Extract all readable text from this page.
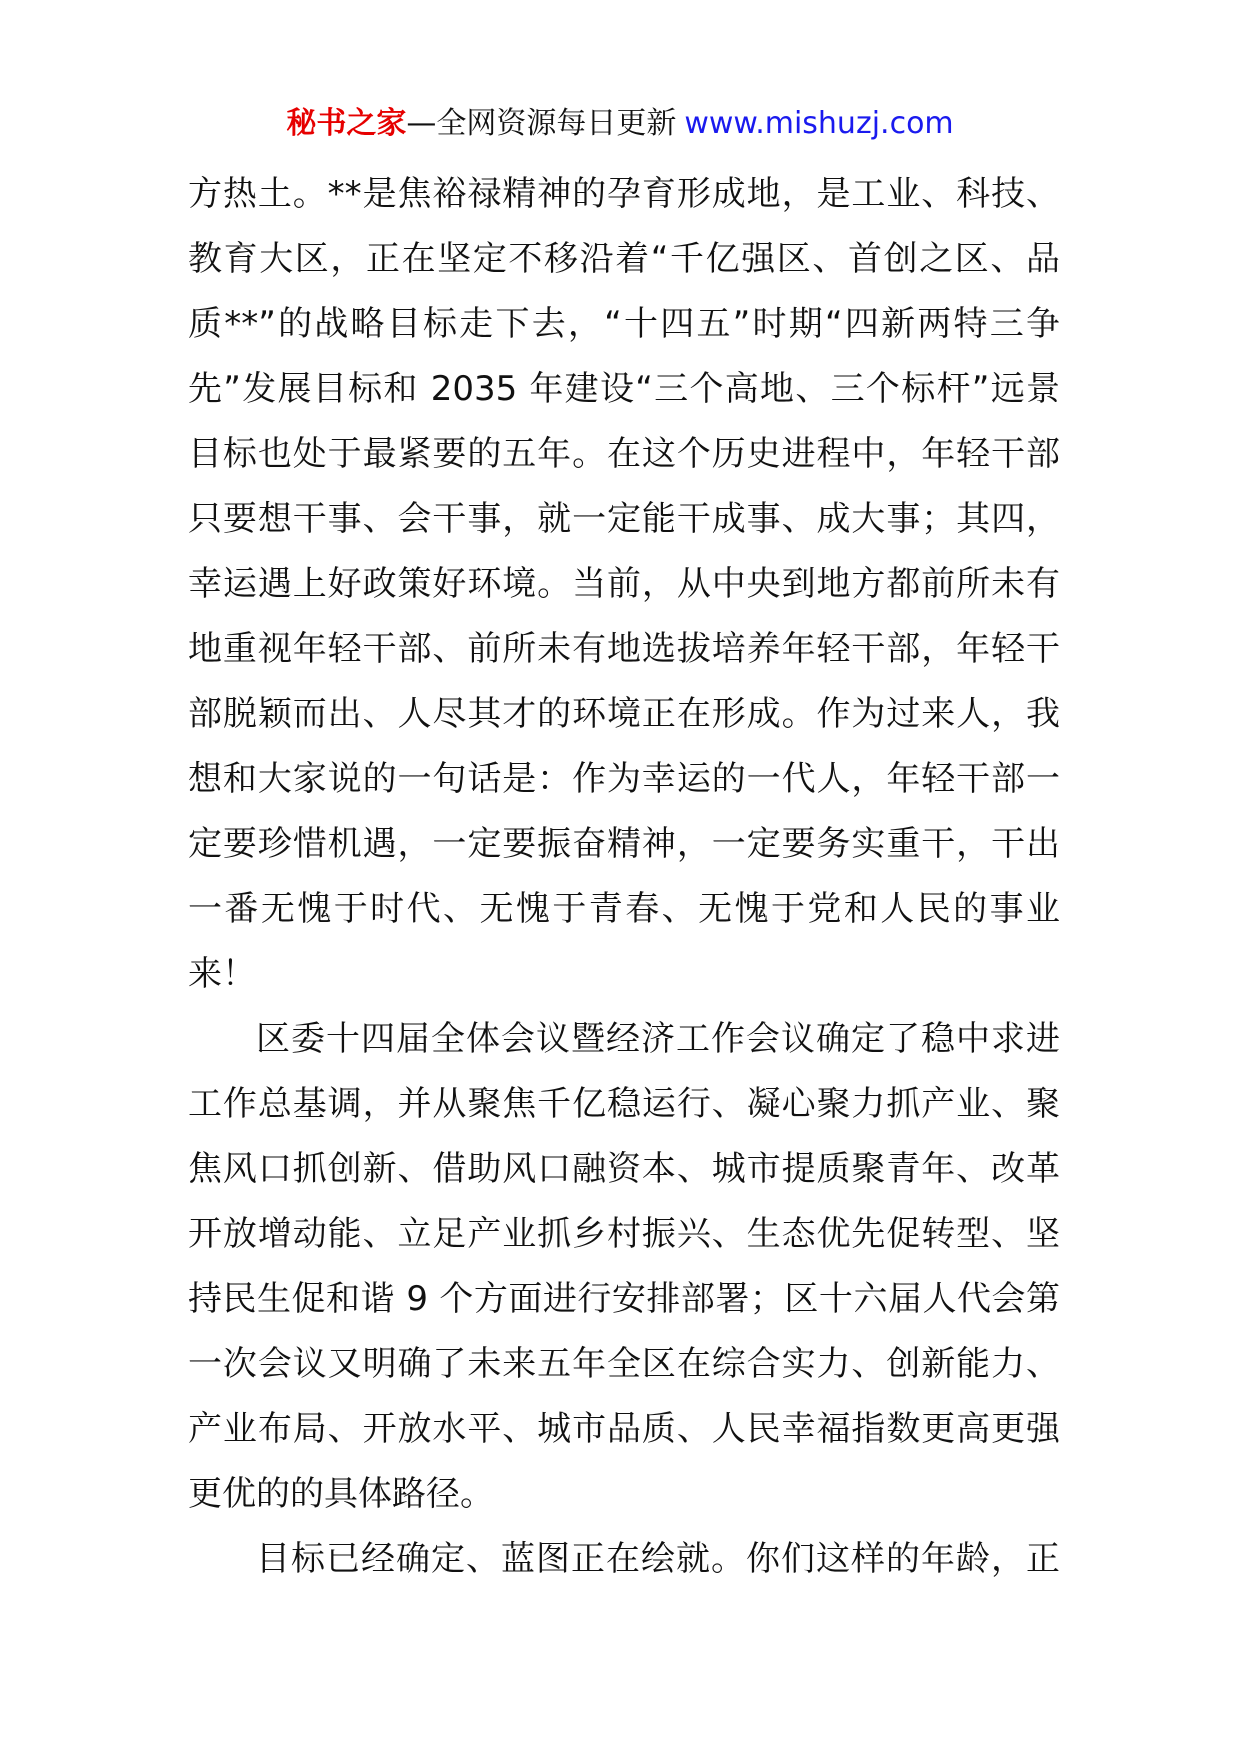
秘书之家—全网资源每日更新 www.mishuzj.com
方热土。**是焦裕禄精神的孕育形成地，是工业、科技、
教育大区，正在坚定不移沿着“千亿强区、首创之区、品
质**”的战略目标走下去，“十四五”时期“四新两特三争
先”发展目标和 2035 年建设“三个高地、三个标杆”远景
目标也处于最紧要的五年。在这个历史进程中，年轻干部
只要想干事、会干事，就一定能干成事、成大事；其四，
幸运遇上好政策好环境。当前，从中央到地方都前所未有
地重视年轻干部、前所未有地选拔培养年轻干部，年轻干
部脱颖而出、人尽其才的环境正在形成。作为过来人，我
想和大家说的一句话是：作为幸运的一代人，年轻干部一
定要珍惜机遇，一定要振奋精神，一定要务实重干，干出
一番无愧于时代、无愧于青春、无愧于党和人民的事业
来！
区委十四届全体会议暨经济工作会议确定了稳中求进
工作总基调，并从聚焦千亿稳运行、凝心聚力抓产业、聚
焦风口抓创新、借助风口融资本、城市提质聚青年、改革
开放增动能、立足产业抓乡村振兴、生态优先促转型、坚
持民生促和谐 9 个方面进行安排部署；区十六届人代会第
一次会议又明确了未来五年全区在综合实力、创新能力、
产业布局、开放水平、城市品质、人民幸福指数更高更强
更优的的具体路径。
目标已经确定、蓝图正在绘就。你们这样的年龄，正
